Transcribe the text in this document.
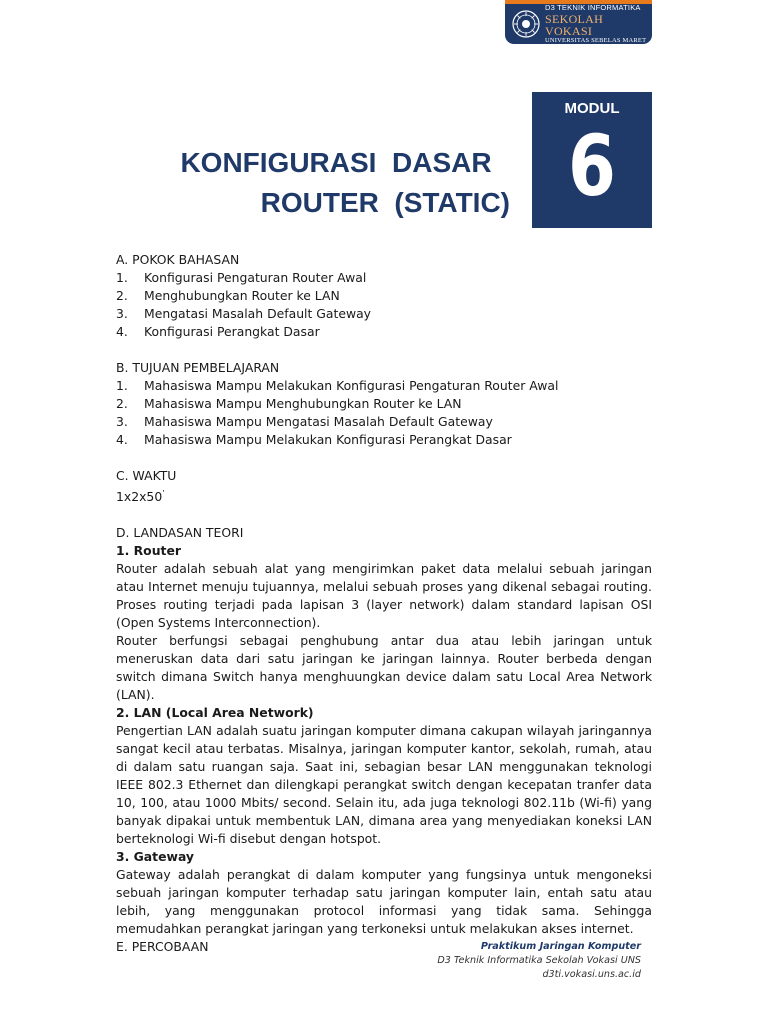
D3 TEKNIK INFORMATIKA
SEKOLAH VOKASI
UNIVERSITAS SEBELAS MARET
KONFIGURASI  DASAR
ROUTER  (STATIC)
MODUL
6
A. POKOK BAHASAN
1.	Konfigurasi Pengaturan Router Awal
2.	Menghubungkan Router ke LAN
3.	Mengatasi Masalah Default Gateway
4.	Konfigurasi Perangkat Dasar
B. TUJUAN PEMBELAJARAN
1.	Mahasiswa Mampu Melakukan Konfigurasi Pengaturan Router Awal
2.	Mahasiswa Mampu Menghubungkan Router ke LAN
3.	Mahasiswa Mampu Mengatasi Masalah Default Gateway
4.	Mahasiswa Mampu Melakukan Konfigurasi Perangkat Dasar
C. WAKTU
1x2x50’
D. LANDASAN TEORI
1. Router

Router adalah sebuah alat yang mengirimkan paket data melalui sebuah jaringan atau Internet menuju tujuannya, melalui sebuah proses yang dikenal sebagai routing. Proses routing terjadi pada lapisan 3 (layer network) dalam standard lapisan OSI (Open Systems Interconnection).

Router berfungsi sebagai penghubung antar dua atau lebih jaringan untuk meneruskan data dari satu jaringan ke jaringan lainnya. Router berbeda dengan switch dimana Switch hanya menghuungkan device dalam satu Local Area Network (LAN).

2. LAN (Local Area Network)

Pengertian LAN adalah suatu jaringan komputer dimana cakupan wilayah jaringannya sangat kecil atau terbatas. Misalnya, jaringan komputer kantor, sekolah, rumah, atau di dalam satu ruangan saja. Saat ini, sebagian besar LAN menggunakan teknologi IEEE 802.3 Ethernet dan dilengkapi perangkat switch dengan kecepatan tranfer data 10, 100, atau 1000 Mbits/ second. Selain itu, ada juga teknologi 802.11b (Wi-fi) yang banyak dipakai untuk membentuk LAN, dimana area yang menyediakan koneksi LAN berteknologi Wi-fi disebut dengan hotspot.

3. Gateway

Gateway adalah perangkat di dalam komputer yang fungsinya untuk mengoneksi sebuah jaringan komputer terhadap satu jaringan komputer lain, entah satu atau lebih, yang menggunakan protocol informasi yang tidak sama. Sehingga memudahkan perangkat jaringan yang terkoneksi untuk melakukan akses internet.

E. PERCOBAAN	Praktikum Jaringan Komputer
D3 Teknik Informatika Sekolah Vokasi UNS
d3ti.vokasi.uns.ac.id
